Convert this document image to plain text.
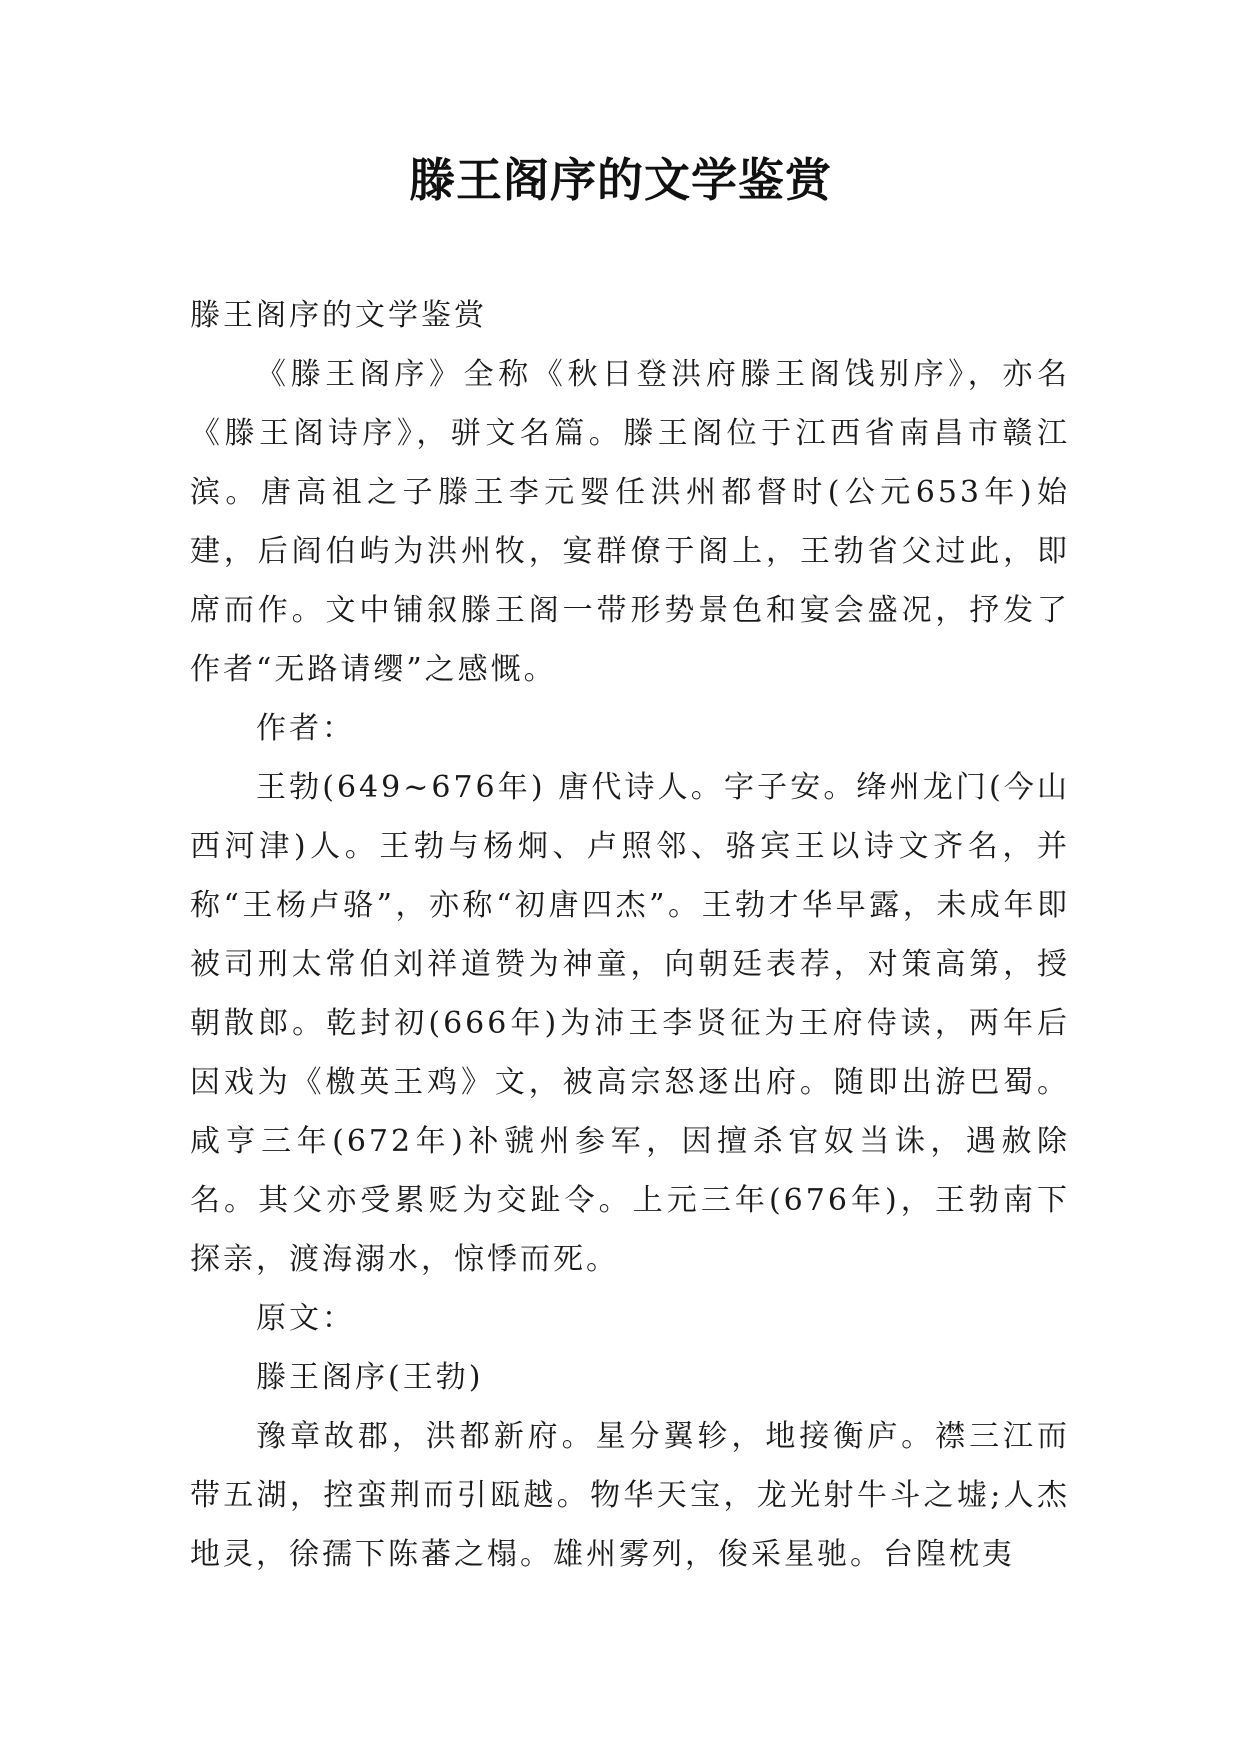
滕王阁序的文学鉴赏

滕王阁序的文学鉴赏

《滕王阁序》全称《秋日登洪府滕王阁饯别序》，亦名《滕王阁诗序》，骈文名篇。滕王阁位于江西省南昌市赣江滨。唐高祖之子滕王李元婴任洪州都督时(公元653年)始建，后阎伯屿为洪州牧，宴群僚于阁上，王勃省父过此，即席而作。文中铺叙滕王阁一带形势景色和宴会盛况，抒发了作者“无路请缨”之感慨。

作者：

王勃(649~676年) 唐代诗人。字子安。绛州龙门(今山西河津)人。王勃与杨炯、卢照邻、骆宾王以诗文齐名，并称“王杨卢骆”，亦称“初唐四杰”。王勃才华早露，未成年即被司刑太常伯刘祥道赞为神童，向朝廷表荐，对策高第，授朝散郎。乾封初(666年)为沛王李贤征为王府侍读，两年后因戏为《檄英王鸡》文，被高宗怒逐出府。随即出游巴蜀。咸亨三年(672年)补虢州参军，因擅杀官奴当诛，遇赦除名。其父亦受累贬为交趾令。上元三年(676年)，王勃南下探亲，渡海溺水，惊悸而死。

原文：

滕王阁序(王勃)

豫章故郡，洪都新府。星分翼轸，地接衡庐。襟三江而带五湖，控蛮荆而引瓯越。物华天宝，龙光射牛斗之墟;人杰地灵，徐孺下陈蕃之榻。雄州雾列，俊采星驰。台隍枕夷
